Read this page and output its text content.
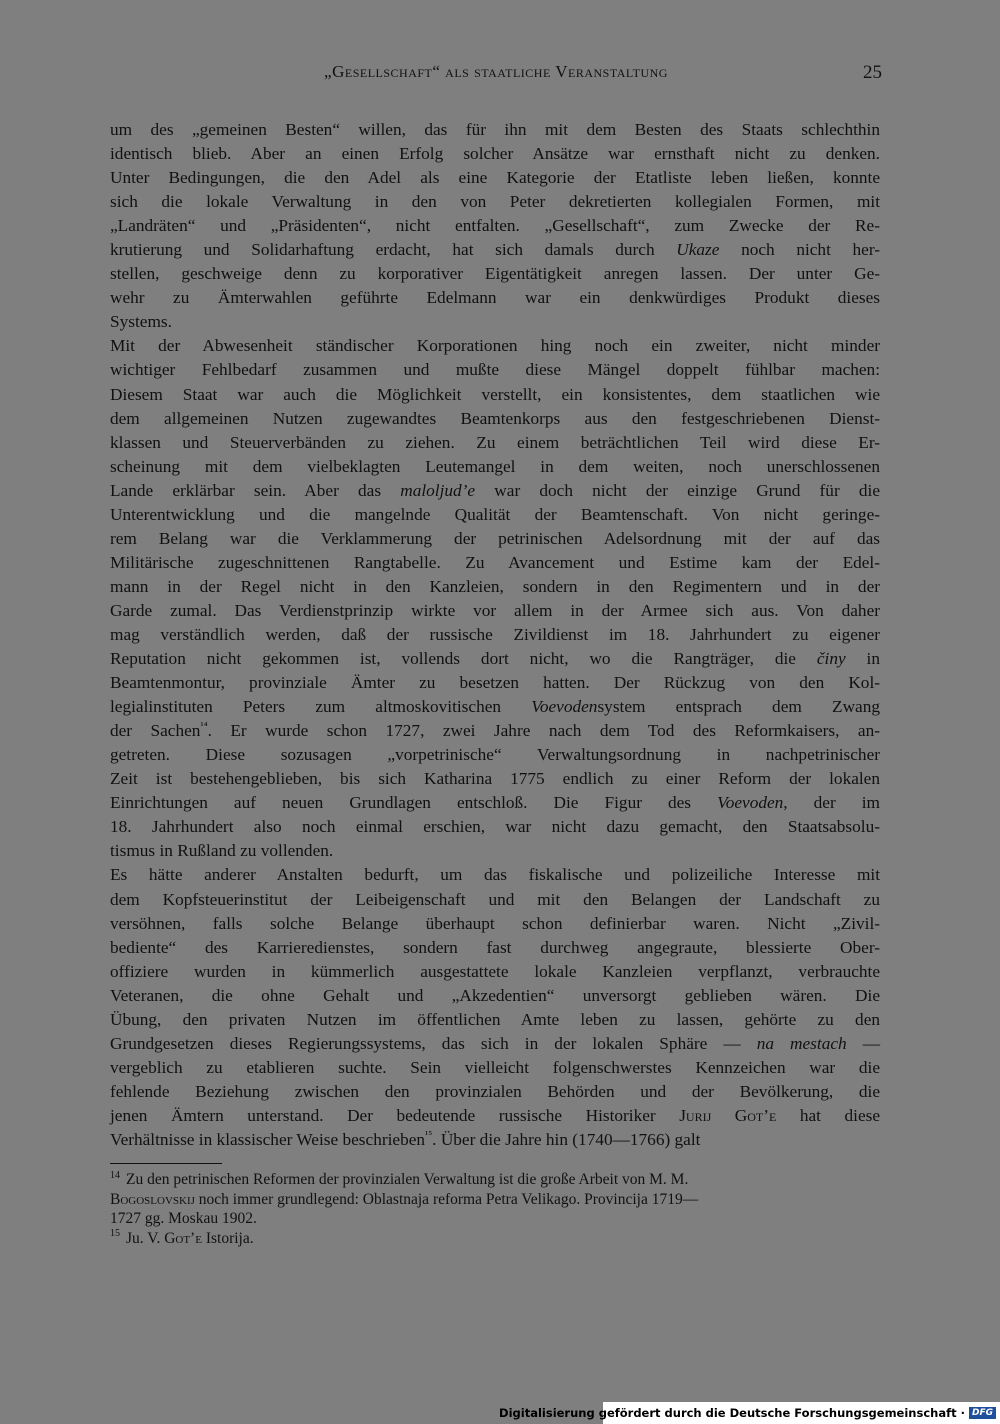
„Gesellschaft“ als staatliche Veranstaltung	25

um des „gemeinen Besten“ willen, das für ihn mit dem Besten des Staats schlechthin
identisch blieb. Aber an einen Erfolg solcher Ansätze war ernsthaft nicht zu denken.
Unter Bedingungen, die den Adel als eine Kategorie der Etatliste leben ließen, konnte
sich die lokale Verwaltung in den von Peter dekretierten kollegialen Formen, mit
„Landräten“ und „Präsidenten“, nicht entfalten. „Gesellschaft“, zum Zwecke der Re-
krutierung und Solidarhaftung erdacht, hat sich damals durch Ukaze noch nicht her-
stellen, geschweige denn zu korporativer Eigentätigkeit anregen lassen. Der unter Ge-
wehr zu Ämterwahlen geführte Edelmann war ein denkwürdiges Produkt dieses
Systems.

Mit der Abwesenheit ständischer Korporationen hing noch ein zweiter, nicht minder
wichtiger Fehlbedarf zusammen und mußte diese Mängel doppelt fühlbar machen:
Diesem Staat war auch die Möglichkeit verstellt, ein konsistentes, dem staatlichen wie
dem allgemeinen Nutzen zugewandtes Beamtenkorps aus den festgeschriebenen Dienst-
klassen und Steuerverbänden zu ziehen. Zu einem beträchtlichen Teil wird diese Er-
scheinung mit dem vielbeklagten Leutemangel in dem weiten, noch unerschlossenen
Lande erklärbar sein. Aber das maloljud’e war doch nicht der einzige Grund für die
Unterentwicklung und die mangelnde Qualität der Beamtenschaft. Von nicht geringe-
rem Belang war die Verklammerung der petrinischen Adelsordnung mit der auf das
Militärische zugeschnittenen Rangtabelle. Zu Avancement und Estime kam der Edel-
mann in der Regel nicht in den Kanzleien, sondern in den Regimentern und in der
Garde zumal. Das Verdienstprinzip wirkte vor allem in der Armee sich aus. Von daher
mag verständlich werden, daß der russische Zivildienst im 18. Jahrhundert zu eigener
Reputation nicht gekommen ist, vollends dort nicht, wo die Rangträger, die činy in
Beamtenmontur, provinziale Ämter zu besetzen hatten. Der Rückzug von den Kol-
legialinstituten Peters zum altmoskovitischen Voevodensystem entsprach dem Zwang
der Sachen$^{^{14}}$. Er wurde schon 1727, zwei Jahre nach dem Tod des Reformkaisers, an-
getreten. Diese sozusagen „vorpetrinische“ Verwaltungsordnung in nachpetrinischer
Zeit ist bestehengeblieben, bis sich Katharina 1775 endlich zu einer Reform der lokalen
Einrichtungen auf neuen Grundlagen entschloß. Die Figur des Voevoden, der im
18. Jahrhundert also noch einmal erschien, war nicht dazu gemacht, den Staatsabsolu-
tismus in Rußland zu vollenden.

Es hätte anderer Anstalten bedurft, um das fiskalische und polizeiliche Interesse mit
dem Kopfsteuerinstitut der Leibeigenschaft und mit den Belangen der Landschaft zu
versöhnen, falls solche Belange überhaupt schon definierbar waren. Nicht „Zivil-
bediente“ des Karrieredienstes, sondern fast durchweg angegraute, blessierte Ober-
offiziere wurden in kümmerlich ausgestattete lokale Kanzleien verpflanzt, verbrauchte
Veteranen, die ohne Gehalt und „Akzedentien“ unversorgt geblieben wären. Die
Übung, den privaten Nutzen im öffentlichen Amte leben zu lassen, gehörte zu den
Grundgesetzen dieses Regierungssystems, das sich in der lokalen Sphäre — na mestach —
vergeblich zu etablieren suchte. Sein vielleicht folgenschwerstes Kennzeichen war die
fehlende Beziehung zwischen den provinzialen Behörden und der Bevölkerung, die
jenen Ämtern unterstand. Der bedeutende russische Historiker Jurij Got’e hat diese
Verhältnisse in klassischer Weise beschrieben$^{^{15}}$. Über die Jahre hin (1740—1766) galt

$^{14}$ Zu den petrinischen Reformen der provinzialen Verwaltung ist die große Arbeit von M. M.
Bogoslovskij noch immer grundlegend: Oblastnaja reforma Petra Velikago. Provincija 1719—
1727 gg. Moskau 1902.
$^{15}$ Ju. V. Got’e Istorija.
Digitalisierung gefördert durch die Deutsche Forschungsgemeinschaft · DFG
